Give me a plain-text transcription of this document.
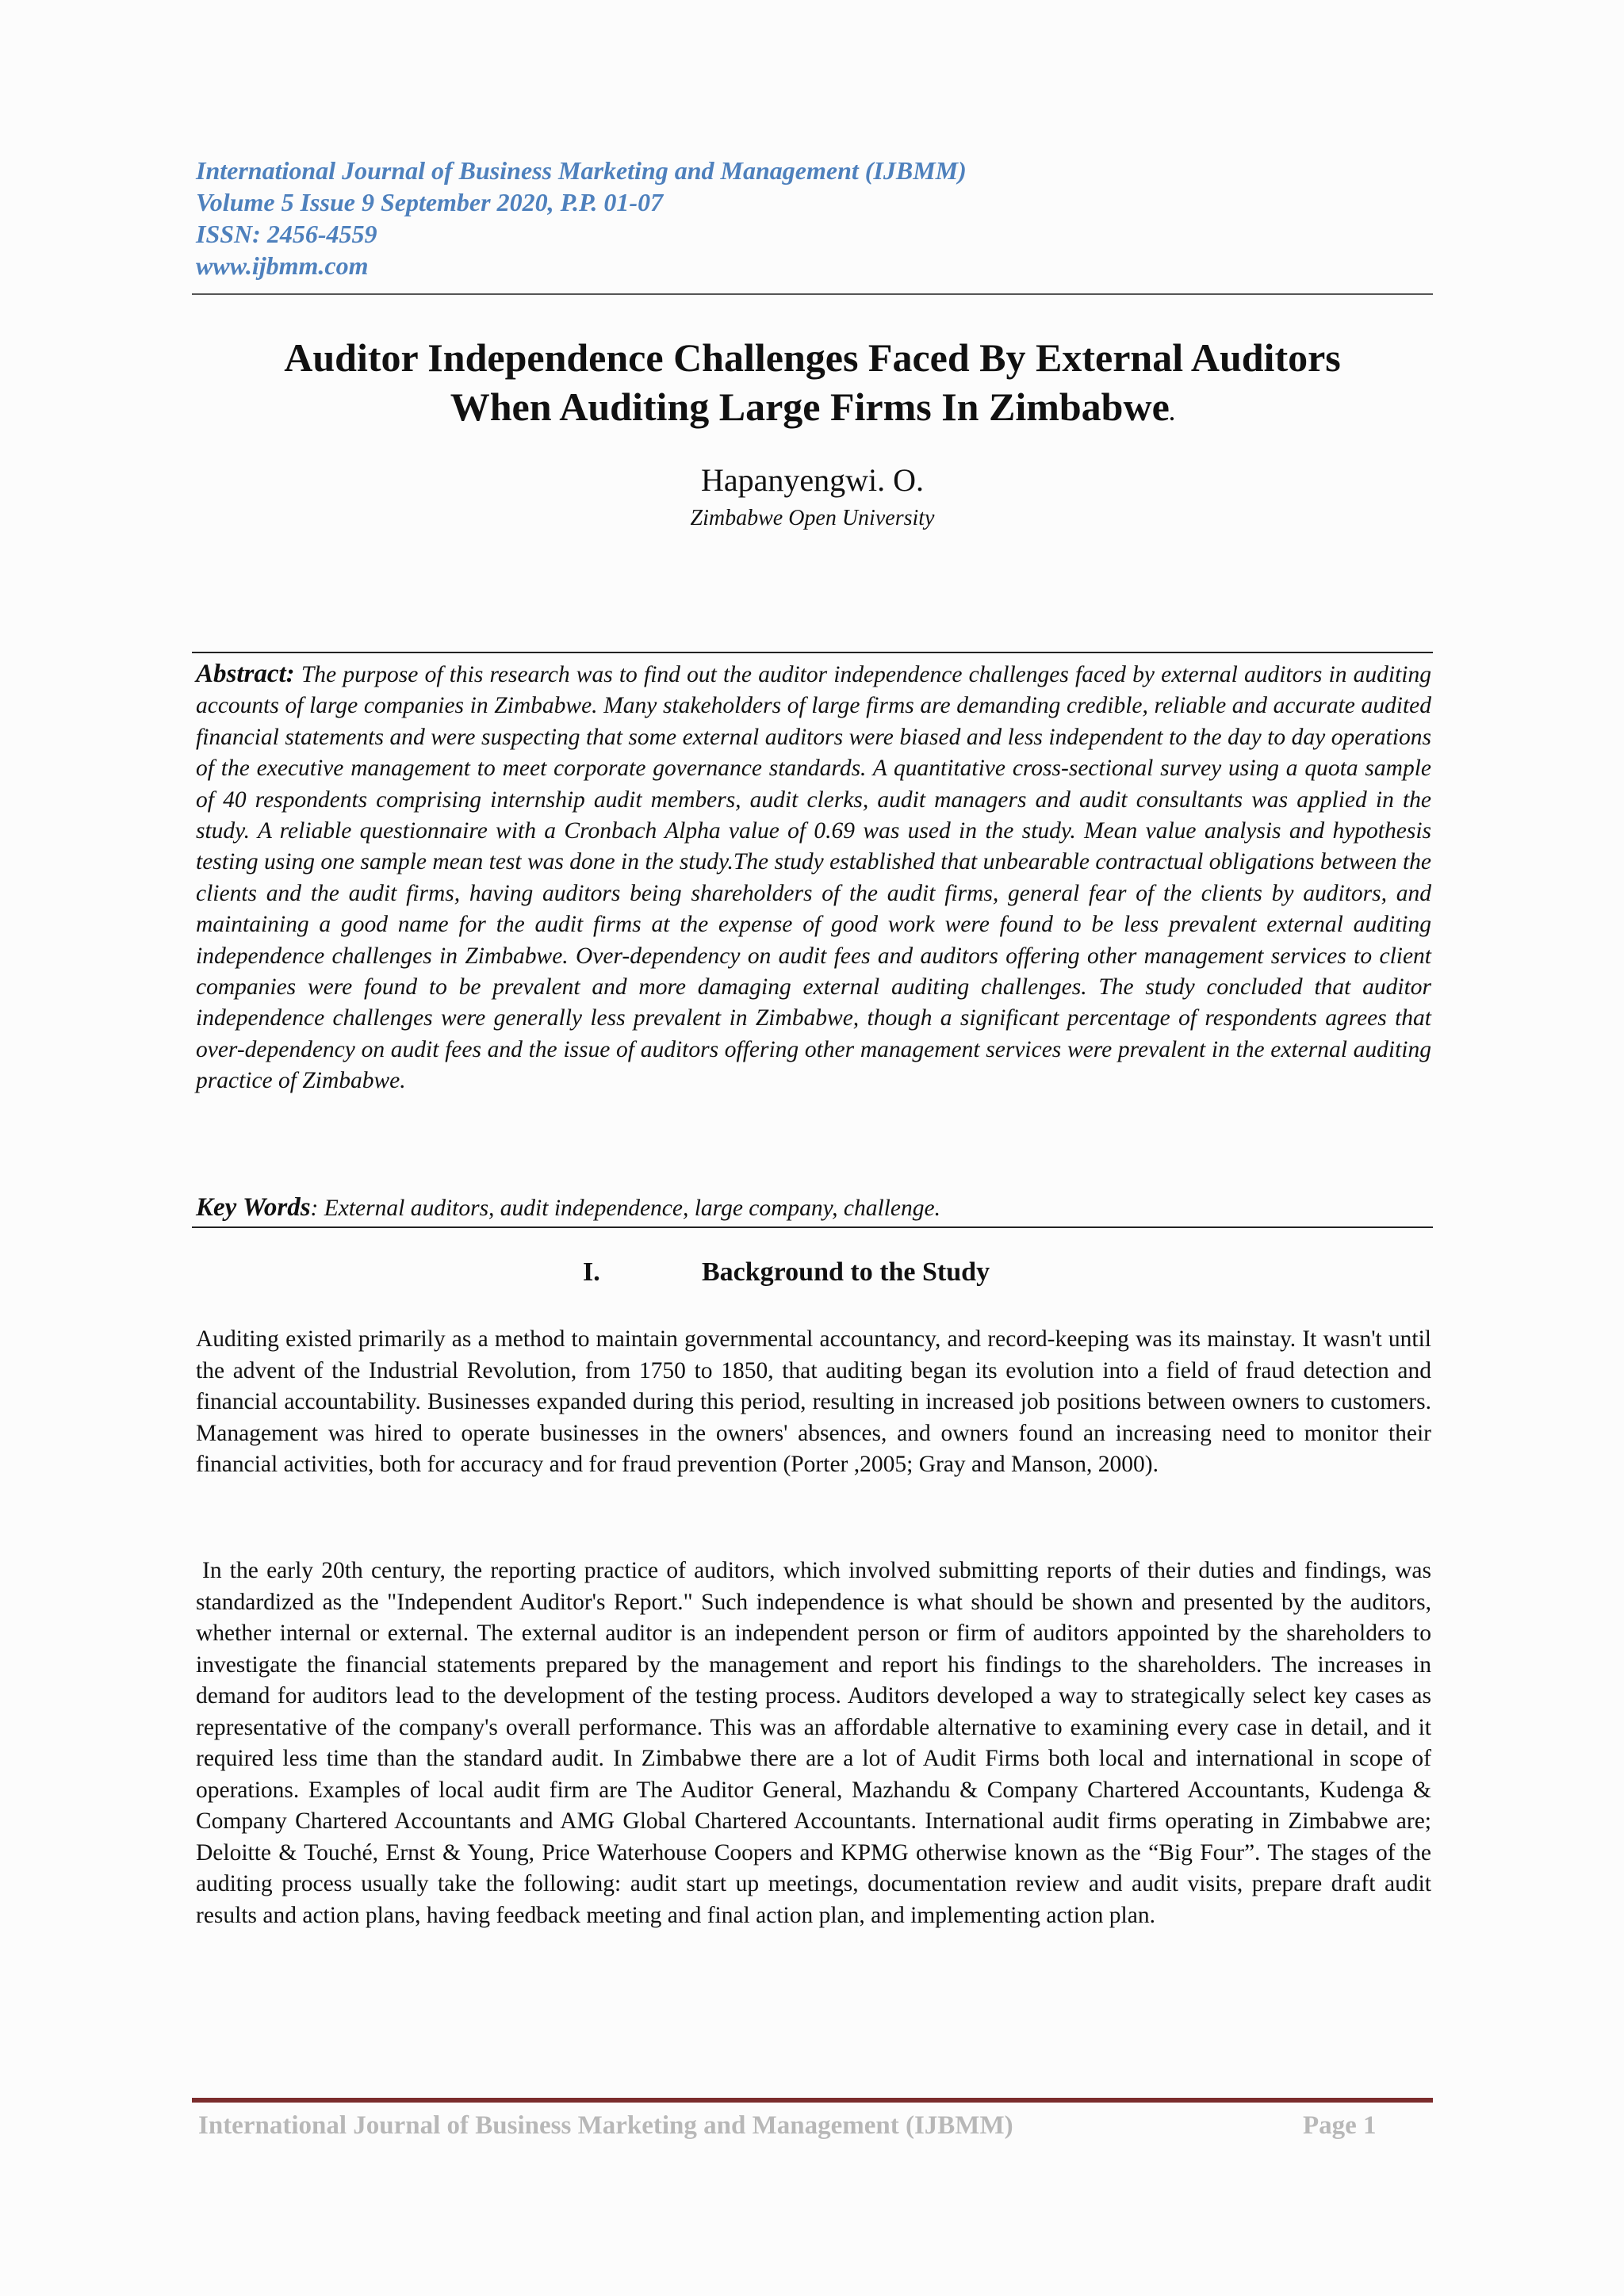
International Journal of Business Marketing and Management (IJBMM)
Volume 5 Issue 9 September 2020, P.P. 01-07
ISSN: 2456-4559
www.ijbmm.com
Auditor Independence Challenges Faced By External Auditors
When Auditing Large Firms In Zimbabwe.
Hapanyengwi. O.
Zimbabwe Open University

Abstract: The purpose of this research was to find out the auditor independence challenges faced by external auditors in auditing accounts of large companies in Zimbabwe. Many stakeholders of large firms are demanding credible, reliable and accurate audited financial statements and were suspecting that some external auditors were biased and less independent to the day to day operations of the executive management to meet corporate governance standards. A quantitative cross-sectional survey using a quota sample of 40 respondents comprising internship audit members, audit clerks, audit managers and audit consultants was applied in the study. A reliable questionnaire with a Cronbach Alpha value of 0.69 was used in the study. Mean value analysis and hypothesis testing using one sample mean test was done in the study.The study established that unbearable contractual obligations between the clients and the audit firms, having auditors being shareholders of the audit firms, general fear of the clients by auditors, and maintaining a good name for the audit firms at the expense of good work were found to be less prevalent external auditing independence challenges in Zimbabwe. Over-dependency on audit fees and auditors offering other management services to client companies were found to be prevalent and more damaging external auditing challenges. The study concluded that auditor independence challenges were generally less prevalent in Zimbabwe, though a significant percentage of respondents agrees that over-dependency on audit fees and the issue of auditors offering other management services were prevalent in the external auditing practice of Zimbabwe.

Key Words: External auditors, audit independence, large company, challenge.

I.	Background to the Study

Auditing existed primarily as a method to maintain governmental accountancy, and record-keeping was its mainstay. It wasn't until the advent of the Industrial Revolution, from 1750 to 1850, that auditing began its evolution into a field of fraud detection and financial accountability. Businesses expanded during this period, resulting in increased job positions between owners to customers. Management was hired to operate businesses in the owners' absences, and owners found an increasing need to monitor their financial activities, both for accuracy and for fraud prevention (Porter ,2005; Gray and Manson, 2000).

In the early 20th century, the reporting practice of auditors, which involved submitting reports of their duties and findings, was standardized as the "Independent Auditor's Report." Such independence is what should be shown and presented by the auditors, whether internal or external. The external auditor is an independent person or firm of auditors appointed by the shareholders to investigate the financial statements prepared by the management and report his findings to the shareholders. The increases in demand for auditors lead to the development of the testing process. Auditors developed a way to strategically select key cases as representative of the company's overall performance. This was an affordable alternative to examining every case in detail, and it required less time than the standard audit. In Zimbabwe there are a lot of Audit Firms both local and international in scope of operations. Examples of local audit firm are The Auditor General, Mazhandu & Company Chartered Accountants, Kudenga & Company Chartered Accountants and AMG Global Chartered Accountants. International audit firms operating in Zimbabwe are; Deloitte & Touché, Ernst & Young, Price Waterhouse Coopers and KPMG otherwise known as the “Big Four”. The stages of the auditing process usually take the following: audit start up meetings, documentation review and audit visits, prepare draft audit results and action plans, having feedback meeting and final action plan, and implementing action plan.

International Journal of Business Marketing and Management (IJBMM)	Page 1
